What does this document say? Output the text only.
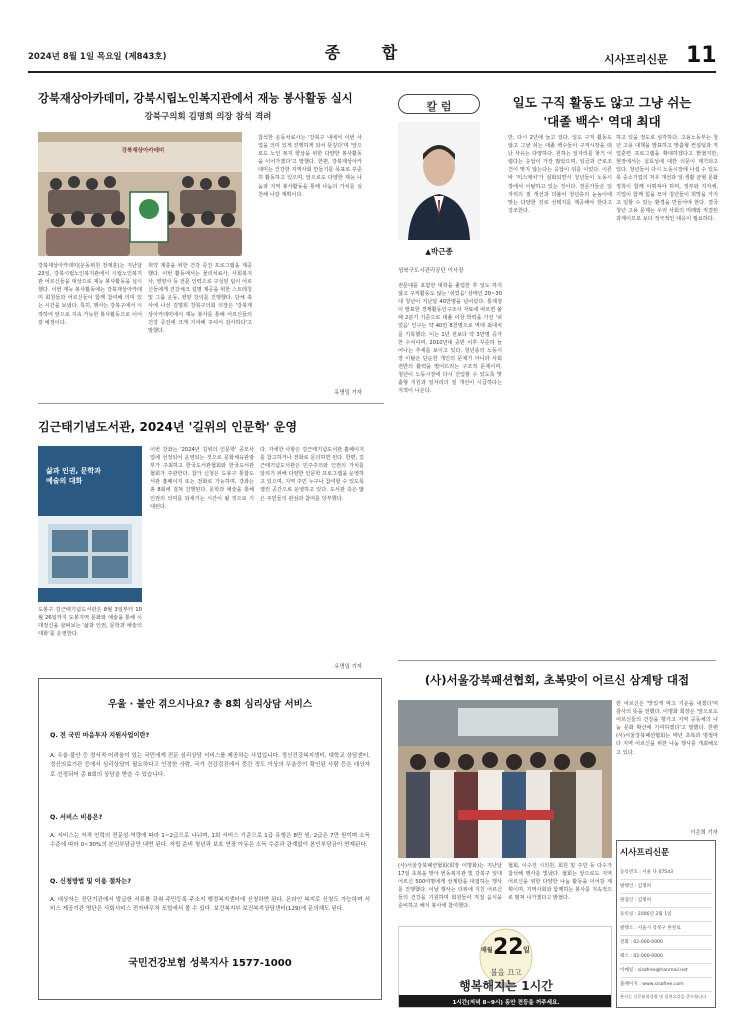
2024년 8월 1일 목요일 (제843호)	종 합	시사프리신문 11
강북재상아카데미, 강북시립노인복지관에서 재능 봉사활동 실시
강북구의회 김명희 의장 참석 격려
강북재상아카데미
강북재상아카데미(운동위원 장재훈)는 지난달 23일, 강북시립노인복지관에서 시립노인복지관 어르신들을 대상으로 재능 봉사활동을 실시했다. 이번 재능 봉사활동에는 강북재상아카데미 회원들과 어르신들이 함께 참여해 의미 있는 시간을 보냈다. 특히, 행사는 강북구에서 시작하여 앞으로 지속 가능한 봉사활동으로 이어갈 예정이다.
취약 계층을 위한 건강 증진 프로그램을 제공했다. 이번 활동에서는 물리치료사, 사회복지사, 영양사 등 전문 인력으로 구성된 팀이 어르신들에게 건강체크 설명 제공을 위한 스트레칭 및 그룹 운동, 영양 강의를 진행했다. 단체 축사에 나선 김명희 강북구의회 의장은 '강북재상아카데미에서 재능 봉사를 통해 어르신들의 건강 증진에 크게 기여해 주셔서 감사하다'고 말했다.
참석한 운동치료사는 '강북구 내에서 이번 사업을 의미 있게 진행하게 되어 뜻깊다'며 '앞으로도 노인 복지 향상을 위한 다양한 봉사활동을 이어가겠다'고 말했다. 한편, 강북재상아카데미는 건강한 지역사회 만들기를 목표로 꾸준히 활동하고 있으며, 앞으로도 다양한 재능 나눔과 지역 봉사활동을 통해 나눔의 가치를 실천해 나갈 계획이다.
유명일 기자
칼 럼
▲박근종
성북구도시관리공단 이사장
전문대를 포함한 대학을 졸업한 후 일도 하지 않고 구직활동도 않는 '쉬었음' 상태인 20~30대 청년이 지난달 40만명을 넘어섰다. 통계청이 발표한 경제활동인구조사 자료에 따르면 올해 2분기 기준으로 대졸 이상 학력을 가진 '쉬었음' 인구는 약 40만 8천명으로 역대 최대치를 기록했다. 이는 1년 전보다 약 3만명 증가한 수치이며, 2010년대 중반 이후 꾸준히 늘어나는 추세를 보이고 있다. 청년층의 노동시장 이탈은 단순한 개인의 문제가 아니라 사회 전반의 활력을 떨어뜨리는 구조적 문제이며, 청년이 노동시장에 다시 진입할 수 있도록 맞춤형 지원과 일자리의 질 개선이 시급하다는 지적이 나온다.
일도 구직 활동도 않고 그냥 쉬는
'대졸 백수' 역대 최대
만, 다시 2년에 늘고 있다. 일도 구직 활동도 않고 그냥 쉬는 대졸 백수들이 구직시장을 떠난 사유는 다양하다. 원하는 일자리를 찾기 어렵다는 응답이 가장 많았으며, 임금과 근로조건이 맞지 않는다는 응답이 뒤를 이었다. 이른바 '미스매치'가 심화되면서 청년들이 노동시장에서 이탈하고 있는 것이다. 전문가들은 일자리의 질 개선과 더불어 청년층의 눈높이에 맞는 다양한 진로 선택지를 제공해야 한다고 강조한다.
하고 있을 정도로 심각하다. 고용노동부는 청년 고용 대책을 발표하고 맞춤형 컨설팅과 직업훈련 프로그램을 확대하겠다고 밝혔지만, 현장에서는 실효성에 대한 의문이 제기되고 있다. 청년들이 다시 노동시장에 나설 수 있도록 중소기업의 처우 개선과 일·생활 균형 문화 정착이 함께 이뤄져야 하며, 정부와 지자체, 기업이 함께 힘을 모아 청년들이 희망을 가지고 일할 수 있는 환경을 만들어야 한다. 결국 청년 고용 문제는 우리 사회의 미래와 직결된 과제이므로 보다 적극적인 대응이 필요하다.
김근태기념도서관, 2024년 '길위의 인문학' 운영
삶과 인권, 문학과 예술의 대화
도봉구 김근태기념도서관은 8월 3일부터 10월 26일까지 도봉지역 문화와 예술을 통해 시대정신을 살펴보는 '삶과 인권, 문학과 예술의 대화'를 운영한다.
이번 강좌는 '2024년 길위의 인문학' 공모사업에 선정되어 운영되는 것으로 문화체육관광부가 주최하고 한국도서관협회와 한국도서관협회가 주관한다. 참가 신청은 도봉구 통합도서관 홈페이지 또는 전화로 가능하며, 강좌는 총 8회에 걸쳐 진행된다. 문학과 예술을 통해 인권의 의미를 되새기는 시간이 될 것으로 기대된다.
다. 자세한 사항은 김근태기념도서관 홈페이지를 참고하거나 전화로 문의하면 된다. 한편, 김근태기념도서관은 민주주의와 인권의 가치를 알리기 위해 다양한 인문학 프로그램을 운영하고 있으며, 지역 주민 누구나 참여할 수 있도록 열린 공간으로 운영하고 있다. 도서관 측은 많은 주민들의 관심과 참여를 당부했다.
유명일 기자
우울 · 불안 겪으시나요? 총 8회 심리상담 서비스
Q. 전 국민 마음투자 지원사업이란?
A. 우울·불안 등 정서적 어려움이 있는 국민에게 전문 심리상담 서비스를 제공하는 사업입니다. 정신건강복지센터, 대학교 상담센터, 정신의료기관 등에서 심리상담이 필요하다고 인정한 사람, 국가 건강검진에서 중간 정도 이상의 우울증이 확인된 사람 등은 대상자로 선정되어 총 8회의 상담을 받을 수 있습니다.
Q. 서비스 비용은?
A. 서비스는 자격 인력의 전문성·역량에 따라 1~2급으로 나뉘며, 1회 서비스 기준으로 1급 유형은 8만 원, 2급은 7만 원이며 소득 수준에 따라 0~30%의 본인부담금만 내면 된다. 자립 준비 청년과 보호 연장 아동은 소득 수준과 관계없이 본인부담금이 면제된다.
Q. 신청방법 및 이용 절차는?
A. 대상자는 진단기관에서 발급한 서류를 갖춰 주민등록 주소지 행정복지센터에 신청하면 된다. 온라인 복지로 신청도 가능하며 서비스 제공기관 명단은 사회서비스 전자바우처 포털에서 볼 수 있다. 보건복지부 보건복지상담센터(129)에 문의해도 된다.
국민건강보험 성북지사 1577-1000
(사)서울강북패션협회, 초복맞이 어르신 삼계탕 대접
한 어르신은 '맛있게 먹고 기운을 내겠다'며 감사의 뜻을 전했다. 이명화 회장은 '앞으로도 어르신들의 건강을 챙기고 지역 공동체의 나눔 문화 확산에 기여하겠다'고 말했다. 한편 (사)서울강북패션협회는 매년 초복과 명절마다 지역 어르신을 위한 나눔 행사를 개최해오고 있다.
(사)서울강북패션협회(회장 이명화)는 지난달 17일 초복을 맞아 번동복지관 및 강북구 일대 어르신 500여명에게 삼계탕을 대접하는 행사를 진행했다. 이날 행사는 더위에 지친 어르신들의 건강을 기원하며 회원들이 직접 음식을 준비하고 배식 봉사에 참여했다.
협회, 이수진 시의원, 회원 및 주민 등 다수가 참석해 행사를 빛냈다. 협회는 앞으로도 지역 어르신을 위한 다양한 나눔 활동을 이어갈 계획이며, 지역사회와 함께하는 봉사를 지속적으로 펼쳐 나가겠다고 밝혔다.
이은희 기자
시사프리신문
등록번호 : 서울 다 07543
발행인 : 김명희
편집인 : 김명희
등록일 : 2006년 2월 1일
발행소 : 서울시 강북구 한천로
전화 : 02-000-0000
팩스 : 02-000-0000
이메일 : sisafree@hanmail.net
홈페이지 : www.sisafree.com
본지는 신문윤리강령 및 실천요강을 준수합니다
매월 22 일
불을 끄고
행복해지는 1시간
1시간(저녁 8~9시) 동안 전등을 꺼주세요.
